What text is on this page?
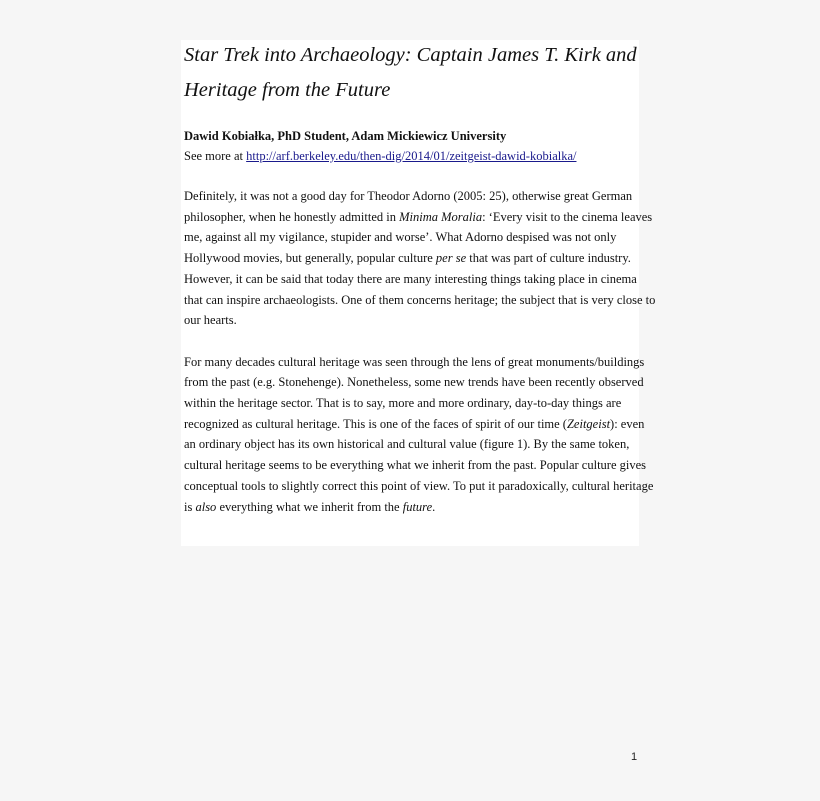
Star Trek into Archaeology: Captain James T. Kirk and
Heritage from the Future
Dawid Kobiałka, PhD Student, Adam Mickiewicz University
See more at http://arf.berkeley.edu/then-dig/2014/01/zeitgeist-dawid-kobialka/

Definitely, it was not a good day for Theodor Adorno (2005: 25), otherwise great German
philosopher, when he honestly admitted in Minima Moralia: ‘Every visit to the cinema leaves
me, against all my vigilance, stupider and worse’. What Adorno despised was not only
Hollywood movies, but generally, popular culture per se that was part of culture industry.
However, it can be said that today there are many interesting things taking place in cinema
that can inspire archaeologists. One of them concerns heritage; the subject that is very close to
our hearts.

For many decades cultural heritage was seen through the lens of great monuments/buildings
from the past (e.g. Stonehenge). Nonetheless, some new trends have been recently observed
within the heritage sector. That is to say, more and more ordinary, day-to-day things are
recognized as cultural heritage. This is one of the faces of spirit of our time (Zeitgeist): even
an ordinary object has its own historical and cultural value (figure 1). By the same token,
cultural heritage seems to be everything what we inherit from the past. Popular culture gives
conceptual tools to slightly correct this point of view. To put it paradoxically, cultural heritage
is also everything what we inherit from the future.

1
